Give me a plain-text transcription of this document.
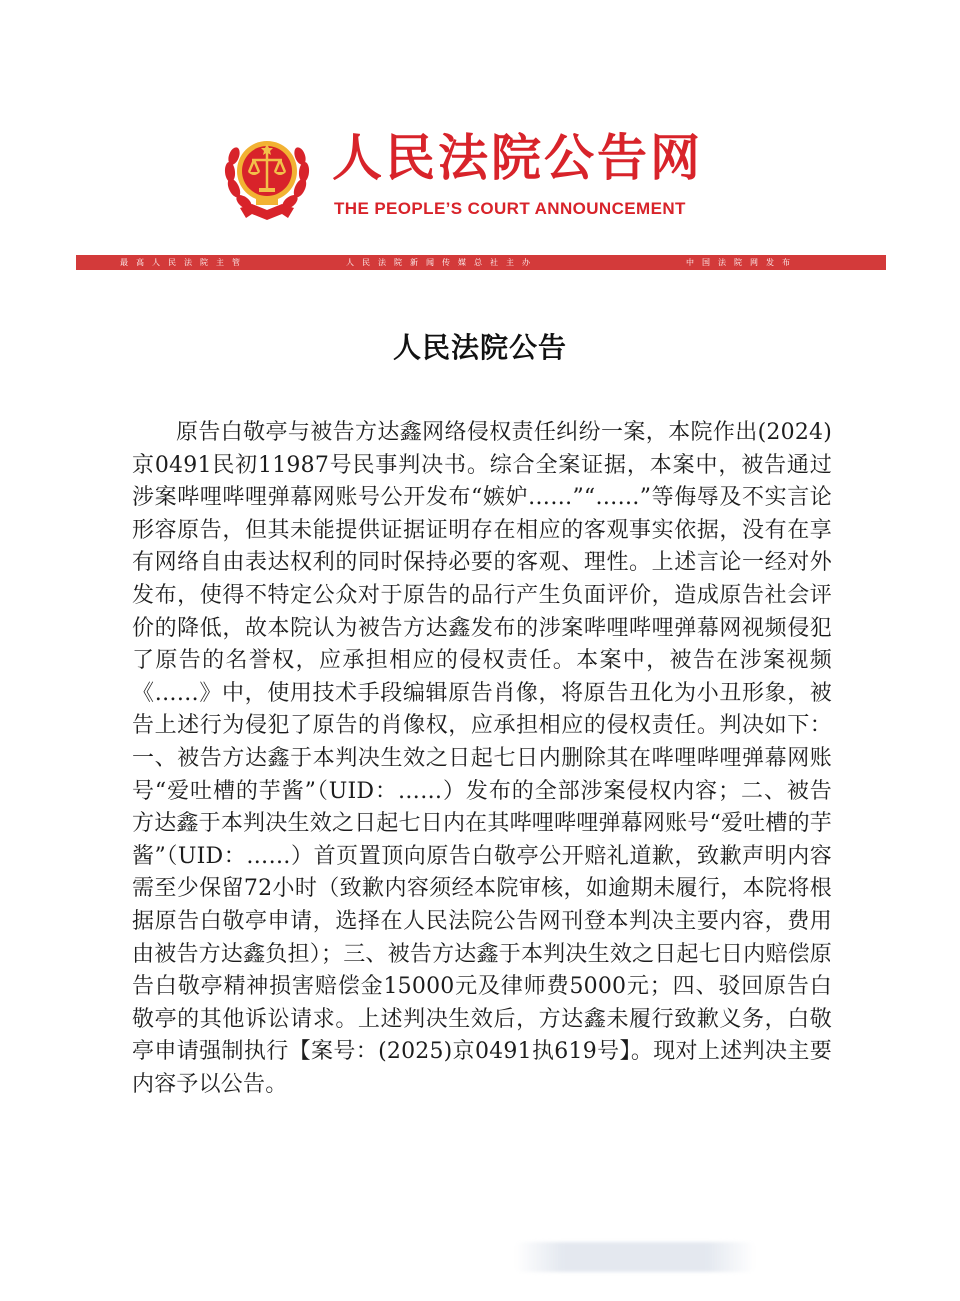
人民法院公告网
THE PEOPLE’S COURT ANNOUNCEMENT
最高人民法院主管	人民法院新闻传媒总社主办	中国法院网发布
人民法院公告
原告白敬亭与被告方达鑫网络侵权责任纠纷一案，本院作出(2024)京0491民初11987号民事判决书。综合全案证据，本案中，被告通过涉案哔哩哔哩弹幕网账号公开发布“嫉妒……”“……”等侮辱及不实言论形容原告，但其未能提供证据证明存在相应的客观事实依据，没有在享有网络自由表达权利的同时保持必要的客观、理性。上述言论一经对外发布，使得不特定公众对于原告的品行产生负面评价，造成原告社会评价的降低，故本院认为被告方达鑫发布的涉案哔哩哔哩弹幕网视频侵犯了原告的名誉权，应承担相应的侵权责任。本案中，被告在涉案视频《……》中，使用技术手段编辑原告肖像，将原告丑化为小丑形象，被告上述行为侵犯了原告的肖像权，应承担相应的侵权责任。判决如下：一、被告方达鑫于本判决生效之日起七日内删除其在哔哩哔哩弹幕网账号“爱吐槽的芋酱”（UID：……）发布的全部涉案侵权内容；二、被告方达鑫于本判决生效之日起七日内在其哔哩哔哩弹幕网账号“爱吐槽的芋酱”（UID：……）首页置顶向原告白敬亭公开赔礼道歉，致歉声明内容需至少保留72小时（致歉内容须经本院审核，如逾期未履行，本院将根据原告白敬亭申请，选择在人民法院公告网刊登本判决主要内容，费用由被告方达鑫负担）；三、被告方达鑫于本判决生效之日起七日内赔偿原告白敬亭精神损害赔偿金15000元及律师费5000元；四、驳回原告白敬亭的其他诉讼请求。上述判决生效后，方达鑫未履行致歉义务，白敬亭申请强制执行【案号：(2025)京0491执619号】。现对上述判决主要内容予以公告。
